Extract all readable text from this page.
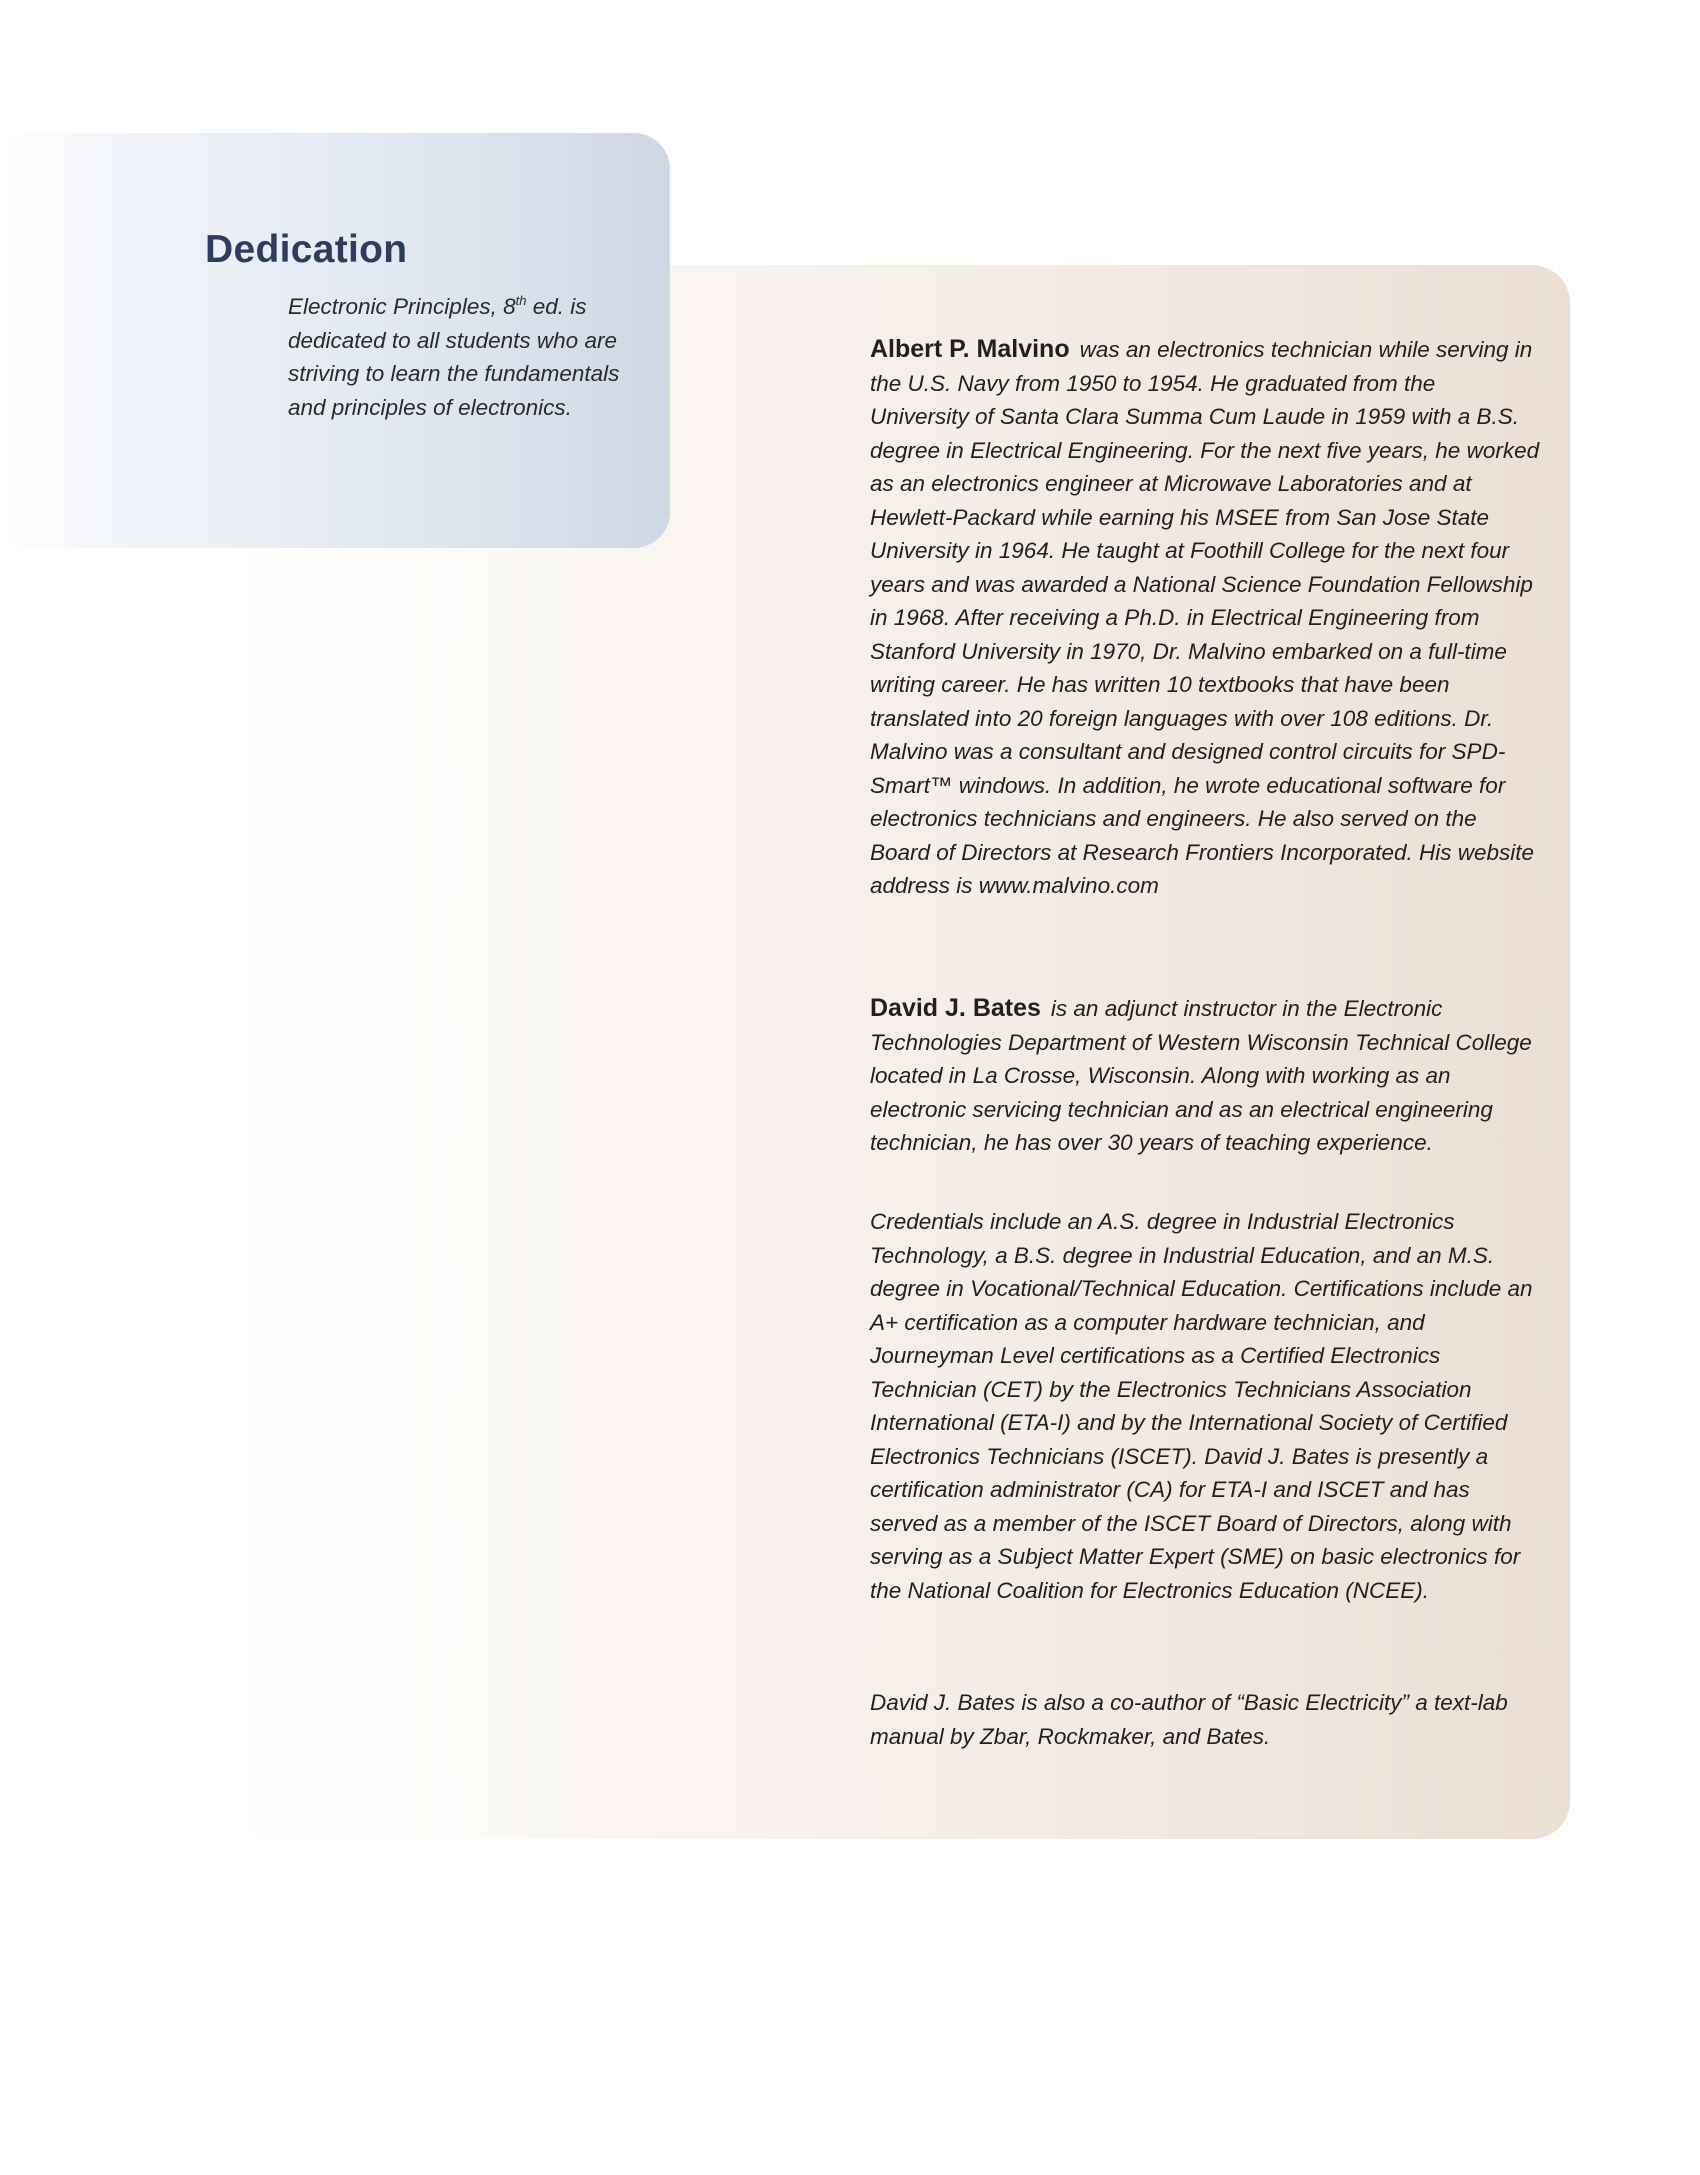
Dedication

Electronic Principles, 8th ed. is dedicated to all students who are striving to learn the fundamentals and principles of electronics.

Albert P. Malvino was an electronics technician while serving in the U.S. Navy from 1950 to 1954. He graduated from the University of Santa Clara Summa Cum Laude in 1959 with a B.S. degree in Electrical Engineering. For the next five years, he worked as an electronics engineer at Microwave Laboratories and at Hewlett-Packard while earning his MSEE from San Jose State University in 1964. He taught at Foothill College for the next four years and was awarded a National Science Foundation Fellowship in 1968. After receiving a Ph.D. in Electrical Engineering from Stanford University in 1970, Dr. Malvino embarked on a full-time writing career. He has written 10 textbooks that have been translated into 20 foreign languages with over 108 editions. Dr. Malvino was a consultant and designed control circuits for SPD-Smart™ windows. In addition, he wrote educational software for electronics technicians and engineers. He also served on the Board of Directors at Research Frontiers Incorporated. His website address is www.malvino.com

David J. Bates is an adjunct instructor in the Electronic Technologies Department of Western Wisconsin Technical College located in La Crosse, Wisconsin. Along with working as an electronic servicing technician and as an electrical engineering technician, he has over 30 years of teaching experience.

Credentials include an A.S. degree in Industrial Electronics Technology, a B.S. degree in Industrial Education, and an M.S. degree in Vocational/Technical Education. Certifications include an A+ certification as a computer hardware technician, and Journeyman Level certifications as a Certified Electronics Technician (CET) by the Electronics Technicians Association International (ETA-I) and by the International Society of Certified Electronics Technicians (ISCET). David J. Bates is presently a certification administrator (CA) for ETA-I and ISCET and has served as a member of the ISCET Board of Directors, along with serving as a Subject Matter Expert (SME) on basic electronics for the National Coalition for Electronics Education (NCEE).

David J. Bates is also a co-author of “Basic Electricity” a text-lab manual by Zbar, Rockmaker, and Bates.
